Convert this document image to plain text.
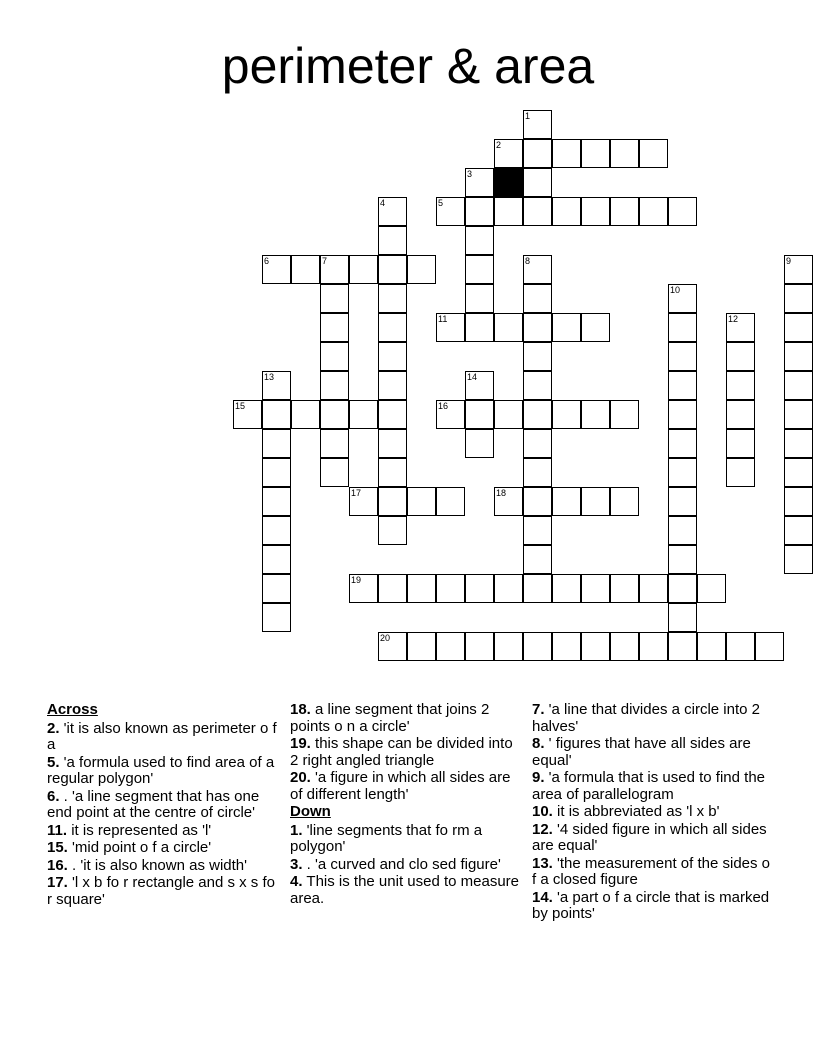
perimeter & area
1
2
3
4	5
6	7	8	9
10
11	12
13	14
15	16
17	18
19
20
Across
2. 'it is also known as perimeter o f a
5. 'a formula used to find area of a regular polygon'
6. . 'a line segment that has one end point at the centre of circle'
11. it is represented as 'l'
15. 'mid point o f a circle'
16. . 'it is also known as width'
17. 'l x b fo r rectangle and s x s fo r square'
18. a line segment that joins 2 points o n a circle'
19. this shape can be divided into 2 right angled triangle
20. 'a figure in which all sides are of different length'
Down
1. 'line segments that fo rm a polygon'
3. . 'a curved and clo sed figure'
4. This is the unit used to measure area.
7. 'a line that divides a circle into 2 halves'
8. ' figures that have all sides are equal'
9. 'a formula that is used to find the area of parallelogram
10. it is abbreviated as 'l x b'
12. '4 sided figure in which all sides are equal'
13. 'the measurement of the sides o f a closed figure
14. 'a part o f a circle that is marked by points'
